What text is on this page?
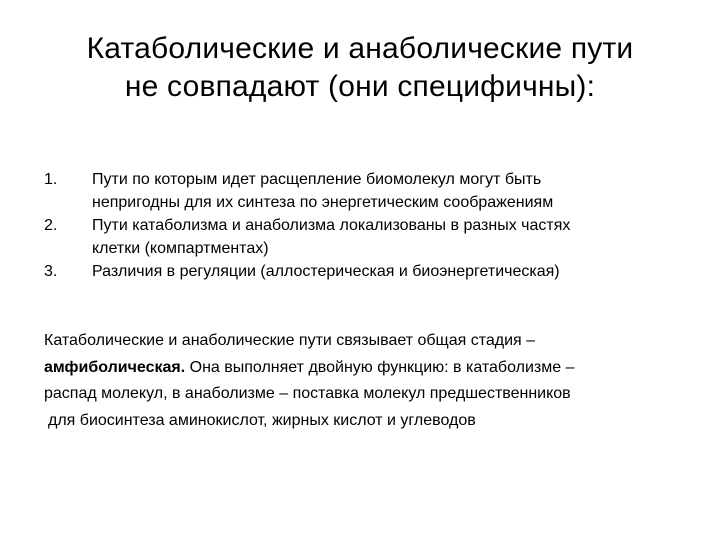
Катаболические и анаболические пути
не совпадают (они специфичны):
1. Пути по которым идет расщепление биомолекул могут быть
непригодны для их синтеза по энергетическим соображениям
2. Пути катаболизма и анаболизма локализованы в разных частях
клетки (компартментах)
3. Различия в регуляции (аллостерическая и биоэнергетическая)
Катаболические и анаболические пути связывает общая стадия –
амфиболическая. Она выполняет двойную функцию: в катаболизме –
распад молекул, в анаболизме – поставка молекул предшественников
для биосинтеза аминокислот, жирных кислот и углеводов
